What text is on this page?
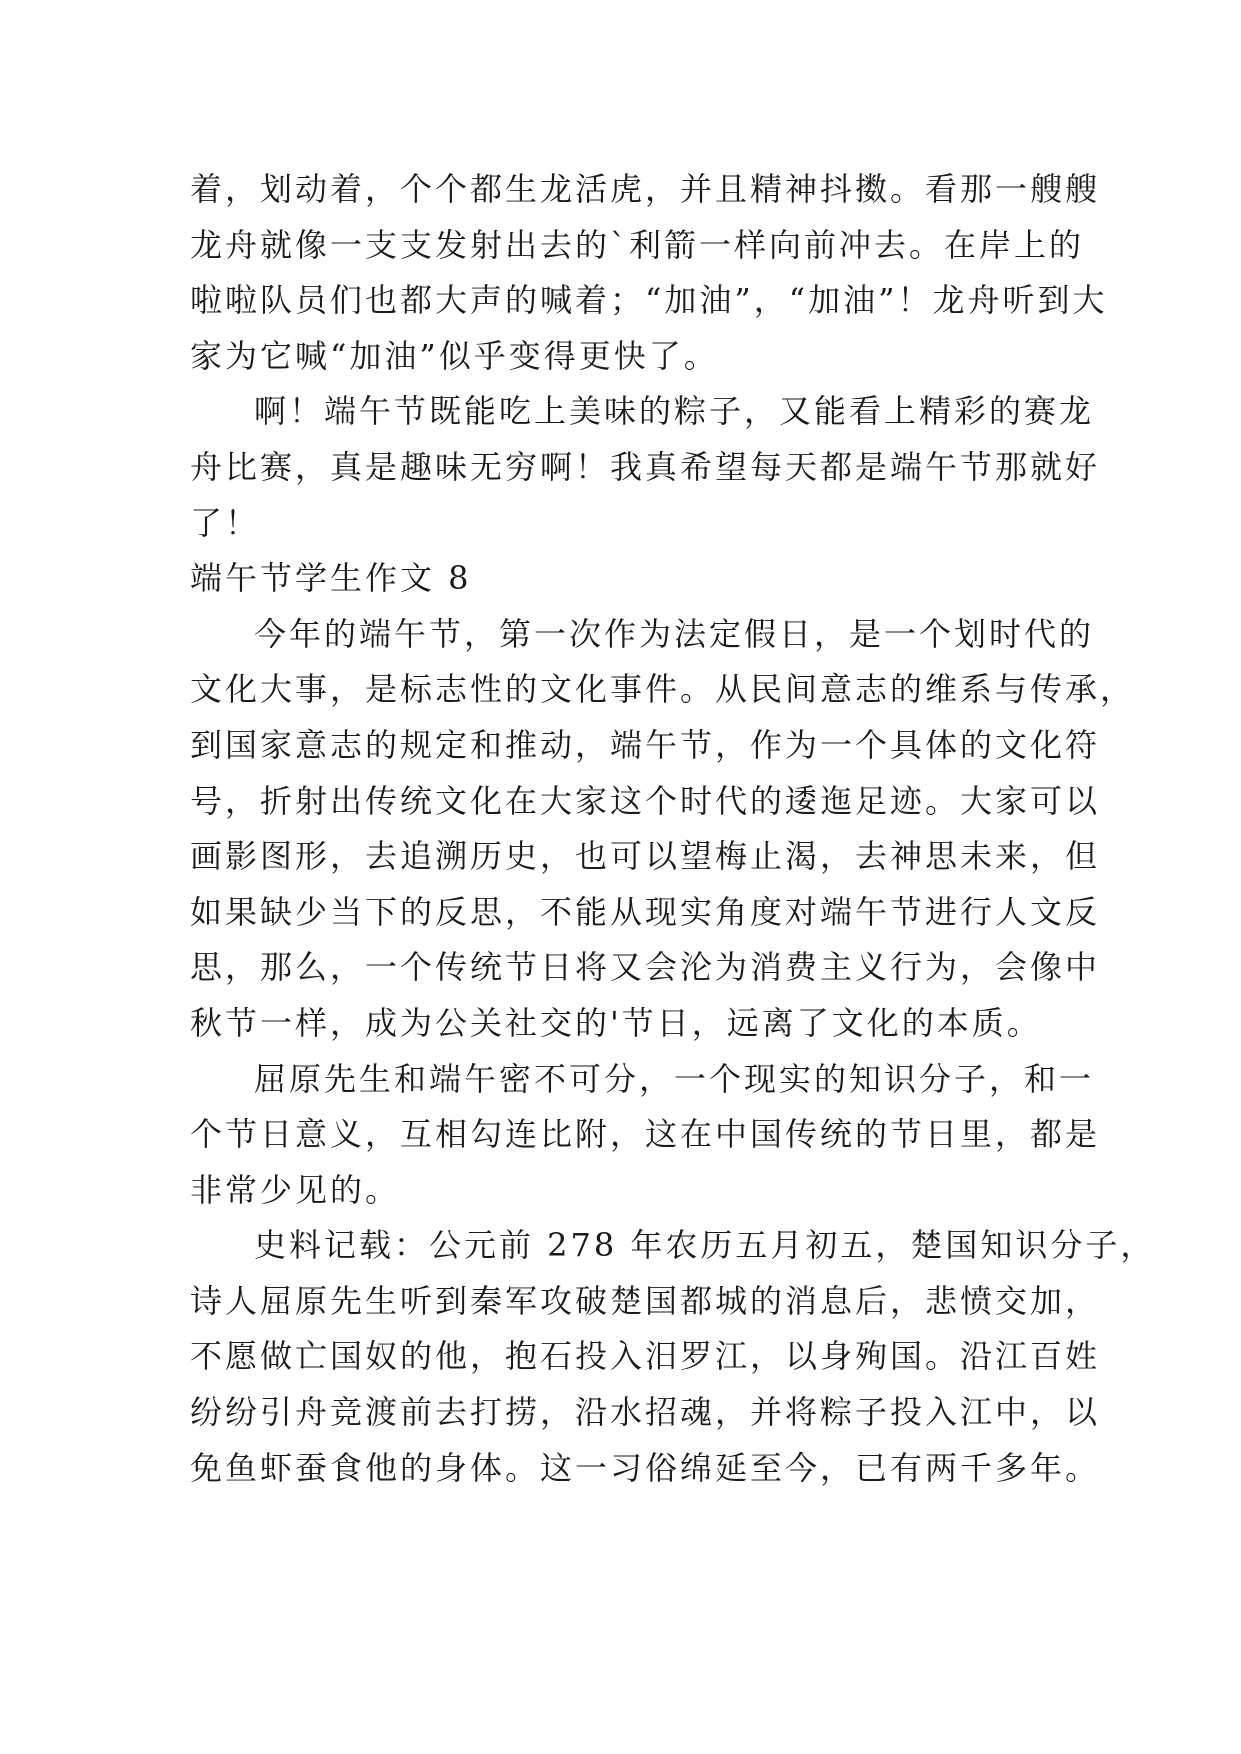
着，划动着，个个都生龙活虎，并且精神抖擞。看那一艘艘
龙舟就像一支支发射出去的`利箭一样向前冲去。在岸上的
啦啦队员们也都大声的喊着；“加油”，“加油”！龙舟听到大
家为它喊“加油”似乎变得更快了。
啊！端午节既能吃上美味的粽子，又能看上精彩的赛龙
舟比赛，真是趣味无穷啊！我真希望每天都是端午节那就好
了！
端午节学生作文 8
今年的端午节，第一次作为法定假日，是一个划时代的
文化大事，是标志性的文化事件。从民间意志的维系与传承，
到国家意志的规定和推动，端午节，作为一个具体的文化符
号，折射出传统文化在大家这个时代的逶迤足迹。大家可以
画影图形，去追溯历史，也可以望梅止渴，去神思未来，但
如果缺少当下的反思，不能从现实角度对端午节进行人文反
思，那么，一个传统节日将又会沦为消费主义行为，会像中
秋节一样，成为公关社交的'节日，远离了文化的本质。
屈原先生和端午密不可分，一个现实的知识分子，和一
个节日意义，互相勾连比附，这在中国传统的节日里，都是
非常少见的。
史料记载：公元前 278 年农历五月初五，楚国知识分子，
诗人屈原先生听到秦军攻破楚国都城的消息后，悲愤交加，
不愿做亡国奴的他，抱石投入汨罗江，以身殉国。沿江百姓
纷纷引舟竞渡前去打捞，沿水招魂，并将粽子投入江中，以
免鱼虾蚕食他的身体。这一习俗绵延至今，已有两千多年。
